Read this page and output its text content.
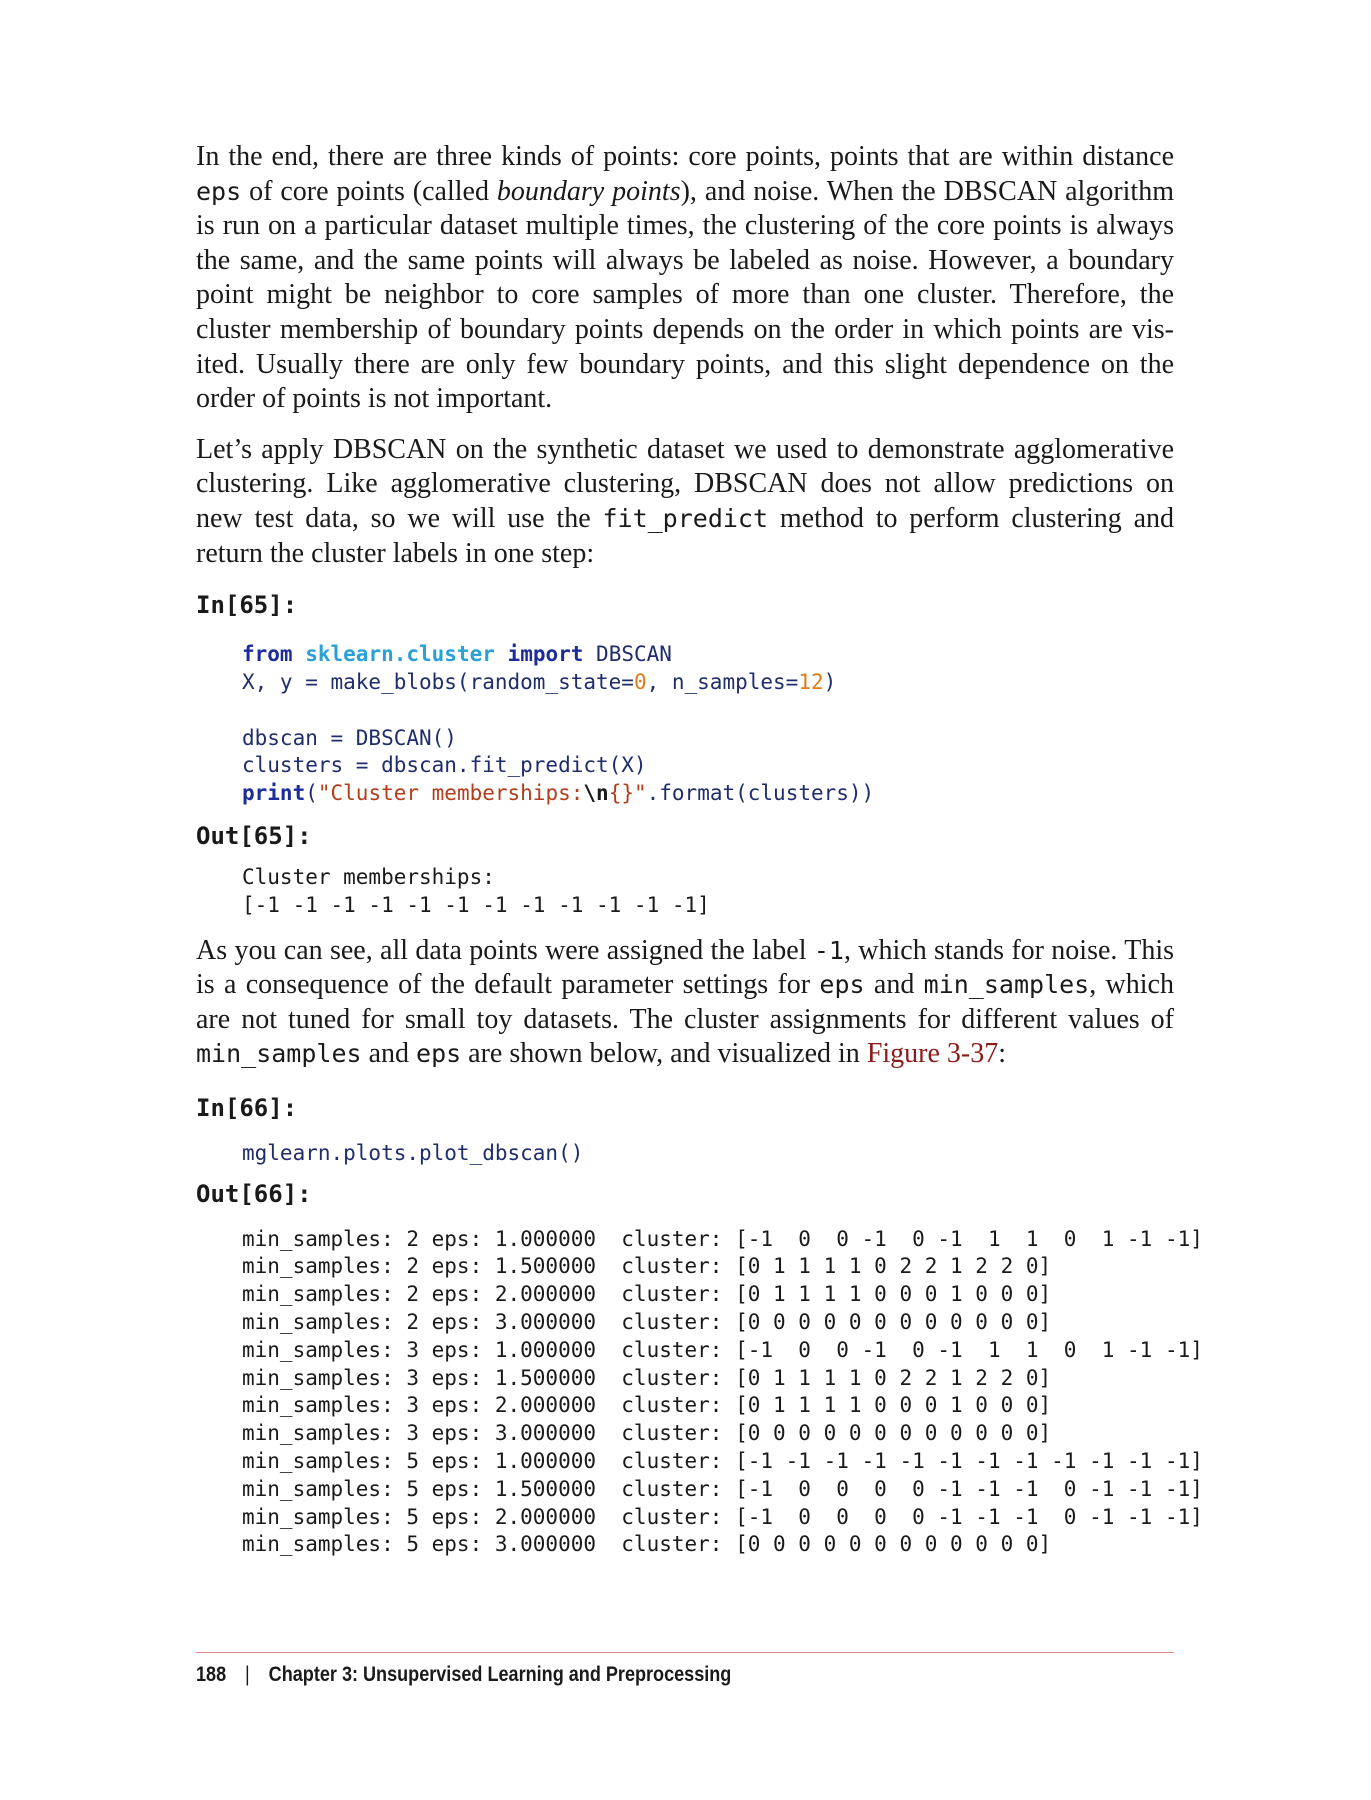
In the end, there are three kinds of points: core points, points that are within distance eps of core points (called boundary points), and noise. When the DBSCAN algorithm is run on a particular dataset multiple times, the clustering of the core points is always the same, and the same points will always be labeled as noise. However, a boundary point might be neighbor to core samples of more than one cluster. Therefore, the cluster membership of boundary points depends on the order in which points are visited. Usually there are only few boundary points, and this slight dependence on the order of points is not important.

Let’s apply DBSCAN on the synthetic dataset we used to demonstrate agglomerative clustering. Like agglomerative clustering, DBSCAN does not allow predictions on new test data, so we will use the fit_predict method to perform clustering and return the cluster labels in one step:

In[65]:
from sklearn.cluster import DBSCAN
X, y = make_blobs(random_state=0, n_samples=12)

dbscan = DBSCAN()
clusters = dbscan.fit_predict(X)
print("Cluster memberships:\n{}".format(clusters))
Out[65]:
Cluster memberships:
[-1 -1 -1 -1 -1 -1 -1 -1 -1 -1 -1 -1]

As you can see, all data points were assigned the label -1, which stands for noise. This is a consequence of the default parameter settings for eps and min_samples, which are not tuned for small toy datasets. The cluster assignments for different values of min_samples and eps are shown below, and visualized in Figure 3-37:

In[66]:
mglearn.plots.plot_dbscan()
Out[66]:
min_samples: 2 eps: 1.000000  cluster: [-1  0  0 -1  0 -1  1  1  0  1 -1 -1]
min_samples: 2 eps: 1.500000  cluster: [0 1 1 1 1 0 2 2 1 2 2 0]
min_samples: 2 eps: 2.000000  cluster: [0 1 1 1 1 0 0 0 1 0 0 0]
min_samples: 2 eps: 3.000000  cluster: [0 0 0 0 0 0 0 0 0 0 0 0]
min_samples: 3 eps: 1.000000  cluster: [-1  0  0 -1  0 -1  1  1  0  1 -1 -1]
min_samples: 3 eps: 1.500000  cluster: [0 1 1 1 1 0 2 2 1 2 2 0]
min_samples: 3 eps: 2.000000  cluster: [0 1 1 1 1 0 0 0 1 0 0 0]
min_samples: 3 eps: 3.000000  cluster: [0 0 0 0 0 0 0 0 0 0 0 0]
min_samples: 5 eps: 1.000000  cluster: [-1 -1 -1 -1 -1 -1 -1 -1 -1 -1 -1 -1]
min_samples: 5 eps: 1.500000  cluster: [-1  0  0  0  0 -1 -1 -1  0 -1 -1 -1]
min_samples: 5 eps: 2.000000  cluster: [-1  0  0  0  0 -1 -1 -1  0 -1 -1 -1]
min_samples: 5 eps: 3.000000  cluster: [0 0 0 0 0 0 0 0 0 0 0 0]
188 | Chapter 3: Unsupervised Learning and Preprocessing
